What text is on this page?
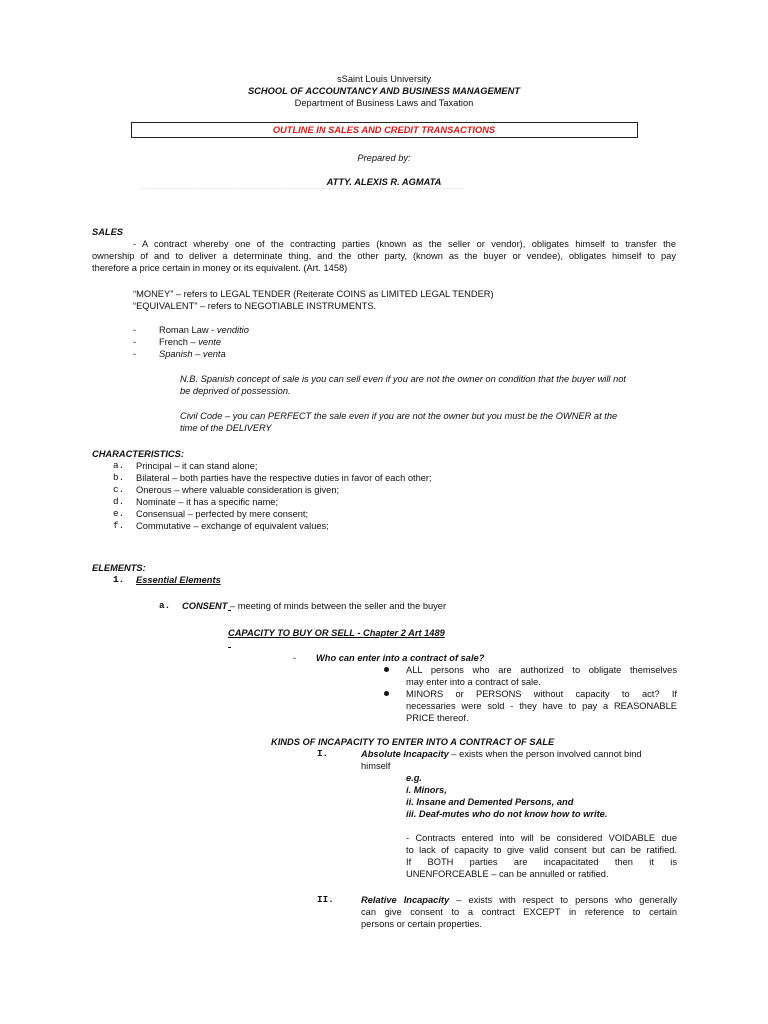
sSaint Louis University
SCHOOL OF ACCOUNTANCY AND BUSINESS MANAGEMENT
Department of Business Laws and Taxation
OUTLINE IN SALES AND CREDIT TRANSACTIONS
Prepared by:
ATTY. ALEXIS R. AGMATA
°°°°°°°°°°°°°°°°°°°°°°°°°°°°°°°°°°°°°°°°°°°°°°°°°°°°°°°°°°°°°°°°°°°°°°°°°°°°°°°°°°°°°°°°°°°°°°°°°°°°°°°°°°°°°°°°°°°°°°°°°°°°°°°°°°°°°°°°°°°°°°°°°°°
SALES
- A contract whereby one of the contracting parties (known as the seller or vendor), obligates himself to transfer the
ownership of and to deliver a determinate thing, and the other party, (known as the buyer or vendee), obligates himself to pay
therefore a price certain in money or its equivalent. (Art. 1458)
“MONEY” – refers to LEGAL TENDER (Reiterate COINS as LIMITED LEGAL TENDER)
“EQUIVALENT” – refers to NEGOTIABLE INSTRUMENTS.
- Roman Law - venditio
- French – vente
- Spanish – venta
N.B. Spanish concept of sale is you can sell even if you are not the owner on condition that the buyer will not
be deprived of possession.
Civil Code – you can PERFECT the sale even if you are not the owner but you must be the OWNER at the
time of the DELIVERY
CHARACTERISTICS:
a. Principal – it can stand alone;
b. Bilateral – both parties have the respective duties in favor of each other;
c. Onerous – where valuable consideration is given;
d. Nominate – it has a specific name;
e. Consensual – perfected by mere consent;
f. Commutative – exchange of equivalent values;
ELEMENTS:
1. Essential Elements
a. CONSENT – meeting of minds between the seller and the buyer
CAPACITY TO BUY OR SELL - Chapter 2 Art 1489
- Who can enter into a contract of sale?
ALL persons who are authorized to obligate themselves
may enter into a contract of sale.
MINORS or PERSONS without capacity to act? If
necessaries were sold - they have to pay a REASONABLE
PRICE thereof.
KINDS OF INCAPACITY TO ENTER INTO A CONTRACT OF SALE
I.	Absolute Incapacity – exists when the person involved cannot bind
himself
e.g.
i. Minors,
ii. Insane and Demented Persons, and
iii. Deaf-mutes who do not know how to write.
- Contracts entered into will be considered VOIDABLE due
to lack of capacity to give valid consent but can be ratified.
If BOTH parties are incapacitated then it is
UNENFORCEABLE – can be annulled or ratified.
II.	Relative Incapacity – exists with respect to persons who generally
can give consent to a contract EXCEPT in reference to certain
persons or certain properties.
